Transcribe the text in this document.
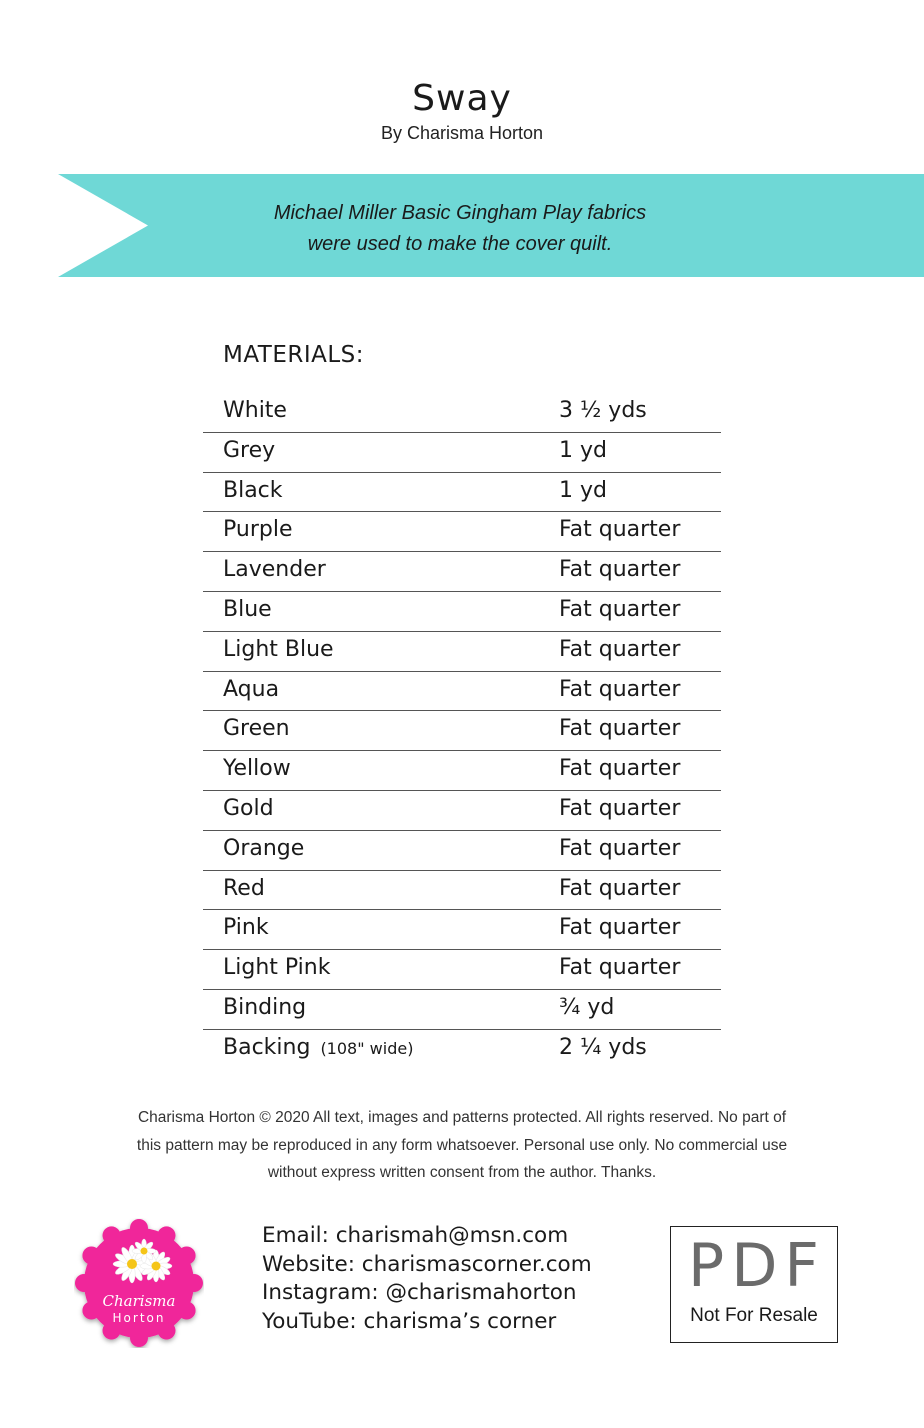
Sway
By Charisma Horton
Michael Miller Basic Gingham Play fabrics
were used to make the cover quilt.
MATERIALS:
White	3 ½ yds
Grey	1 yd
Black	1 yd
Purple	Fat quarter
Lavender	Fat quarter
Blue	Fat quarter
Light Blue	Fat quarter
Aqua	Fat quarter
Green	Fat quarter
Yellow	Fat quarter
Gold	Fat quarter
Orange	Fat quarter
Red	Fat quarter
Pink	Fat quarter
Light Pink	Fat quarter
Binding	¾ yd
Backing (108" wide)	2 ¼ yds
Charisma Horton © 2020 All text, images and patterns protected. All rights reserved. No part of
this pattern may be reproduced in any form whatsoever. Personal use only. No commercial use
without express written consent from the author. Thanks.
Charisma
Horton
Email: charismah@msn.com
Website: charismascorner.com
Instagram: @charismahorton
YouTube: charisma’s corner
PDF
Not For Resale
